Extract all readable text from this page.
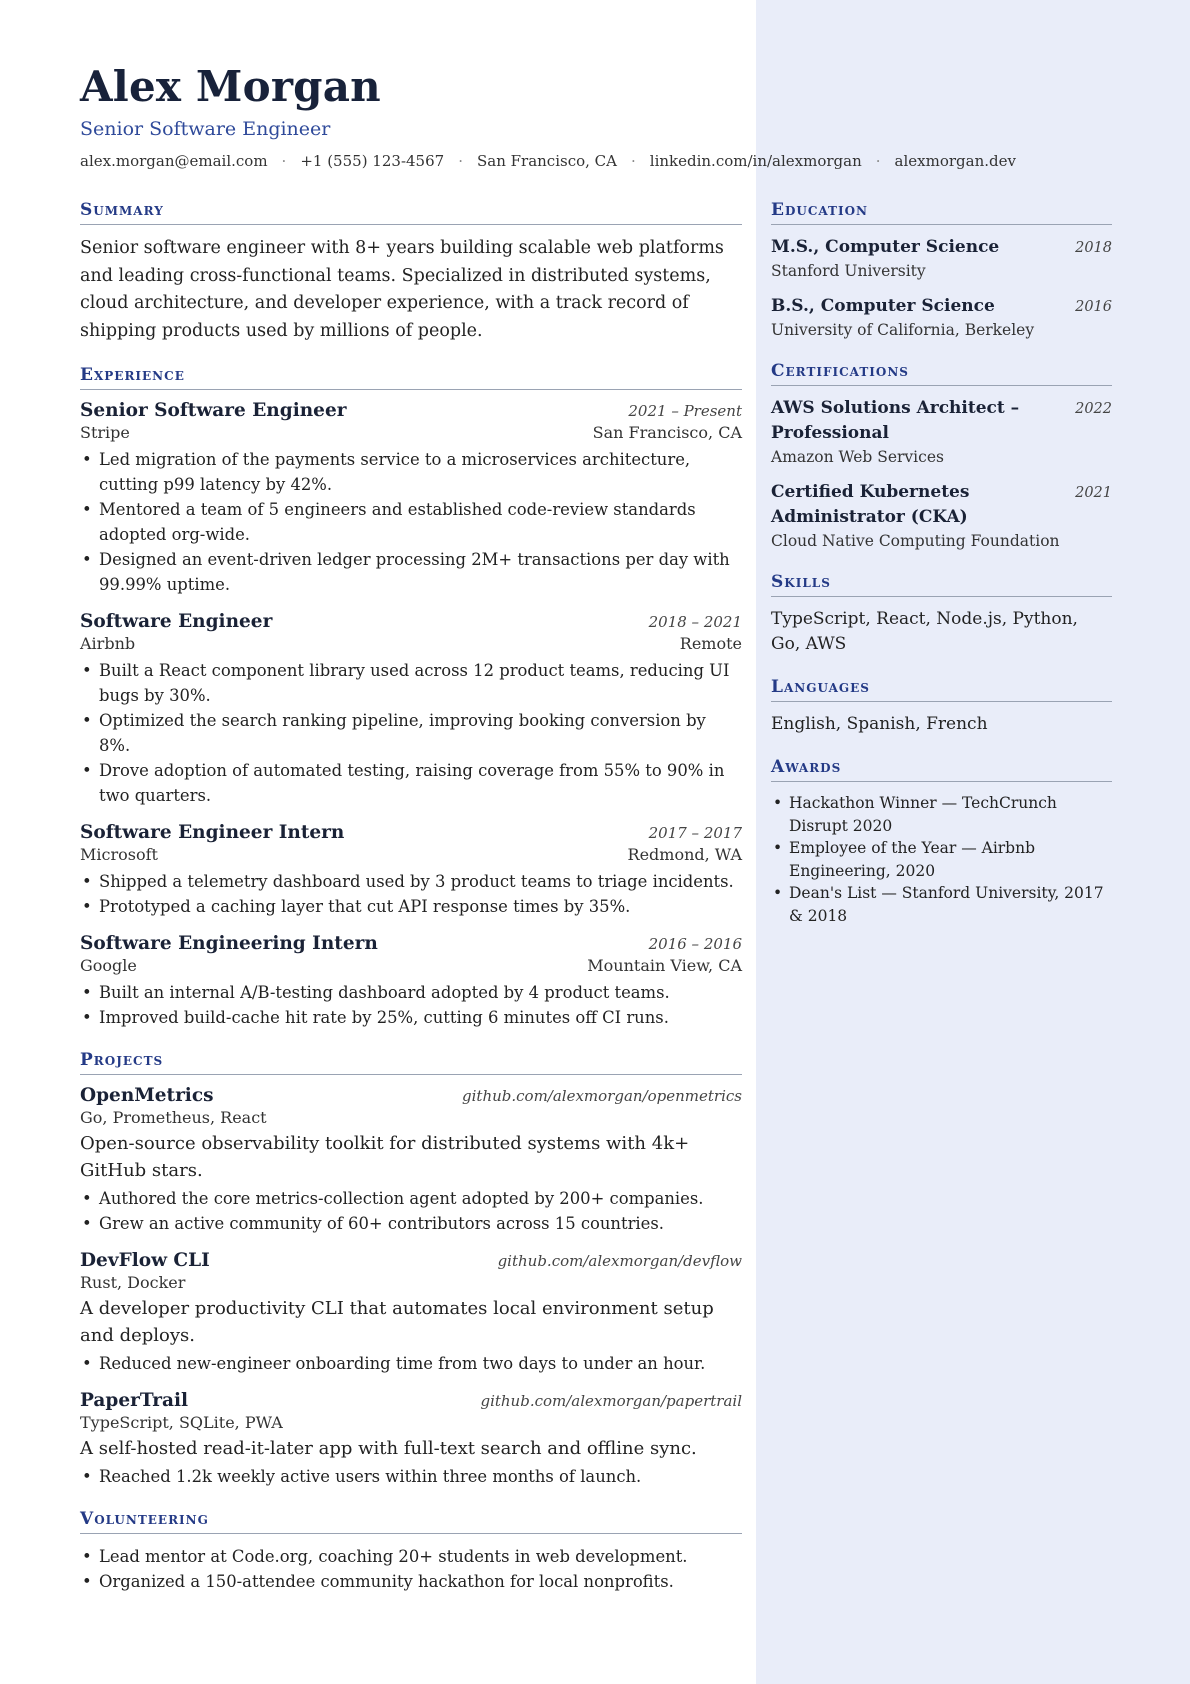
Alex Morgan
Senior Software Engineer
alex.morgan@email.com · +1 (555) 123-4567 · San Francisco, CA · linkedin.com/in/alexmorgan · alexmorgan.dev
Summary

Senior software engineer with 8+ years building scalable web platforms and leading cross-functional teams. Specialized in distributed systems, cloud architecture, and developer experience, with a track record of shipping products used by millions of people.

Experience
Senior Software Engineer	2021 – Present
Stripe	San Francisco, CA
• Led migration of the payments service to a microservices architecture, cutting p99 latency by 42%.
• Mentored a team of 5 engineers and established code-review standards adopted org-wide.
• Designed an event-driven ledger processing 2M+ transactions per day with 99.99% uptime.
Software Engineer	2018 – 2021
Airbnb	Remote
• Built a React component library used across 12 product teams, reducing UI bugs by 30%.
• Optimized the search ranking pipeline, improving booking conversion by 8%.
• Drove adoption of automated testing, raising coverage from 55% to 90% in two quarters.
Software Engineer Intern	2017 – 2017
Microsoft	Redmond, WA
• Shipped a telemetry dashboard used by 3 product teams to triage incidents.
• Prototyped a caching layer that cut API response times by 35%.
Software Engineering Intern	2016 – 2016
Google	Mountain View, CA
• Built an internal A/B-testing dashboard adopted by 4 product teams.
• Improved build-cache hit rate by 25%, cutting 6 minutes off CI runs.
Projects
OpenMetrics	github.com/alexmorgan/openmetrics
Go, Prometheus, React
Open-source observability toolkit for distributed systems with 4k+ GitHub stars.
• Authored the core metrics-collection agent adopted by 200+ companies.
• Grew an active community of 60+ contributors across 15 countries.
DevFlow CLI	github.com/alexmorgan/devflow
Rust, Docker
A developer productivity CLI that automates local environment setup and deploys.
• Reduced new-engineer onboarding time from two days to under an hour.
PaperTrail	github.com/alexmorgan/papertrail
TypeScript, SQLite, PWA
A self-hosted read-it-later app with full-text search and offline sync.
• Reached 1.2k weekly active users within three months of launch.
Volunteering
• Lead mentor at Code.org, coaching 20+ students in web development.
• Organized a 150-attendee community hackathon for local nonprofits.
Education
M.S., Computer Science	2018
Stanford University
B.S., Computer Science	2016
University of California, Berkeley
Certifications
AWS Solutions Architect – Professional
2022
Amazon Web Services
Certified Kubernetes Administrator (CKA)
2021
Cloud Native Computing Foundation
Skills
TypeScript, React, Node.js, Python, Go, AWS
Languages
English, Spanish, French
Awards
• Hackathon Winner — TechCrunch Disrupt 2020
• Employee of the Year — Airbnb Engineering, 2020
• Dean's List — Stanford University, 2017 & 2018
